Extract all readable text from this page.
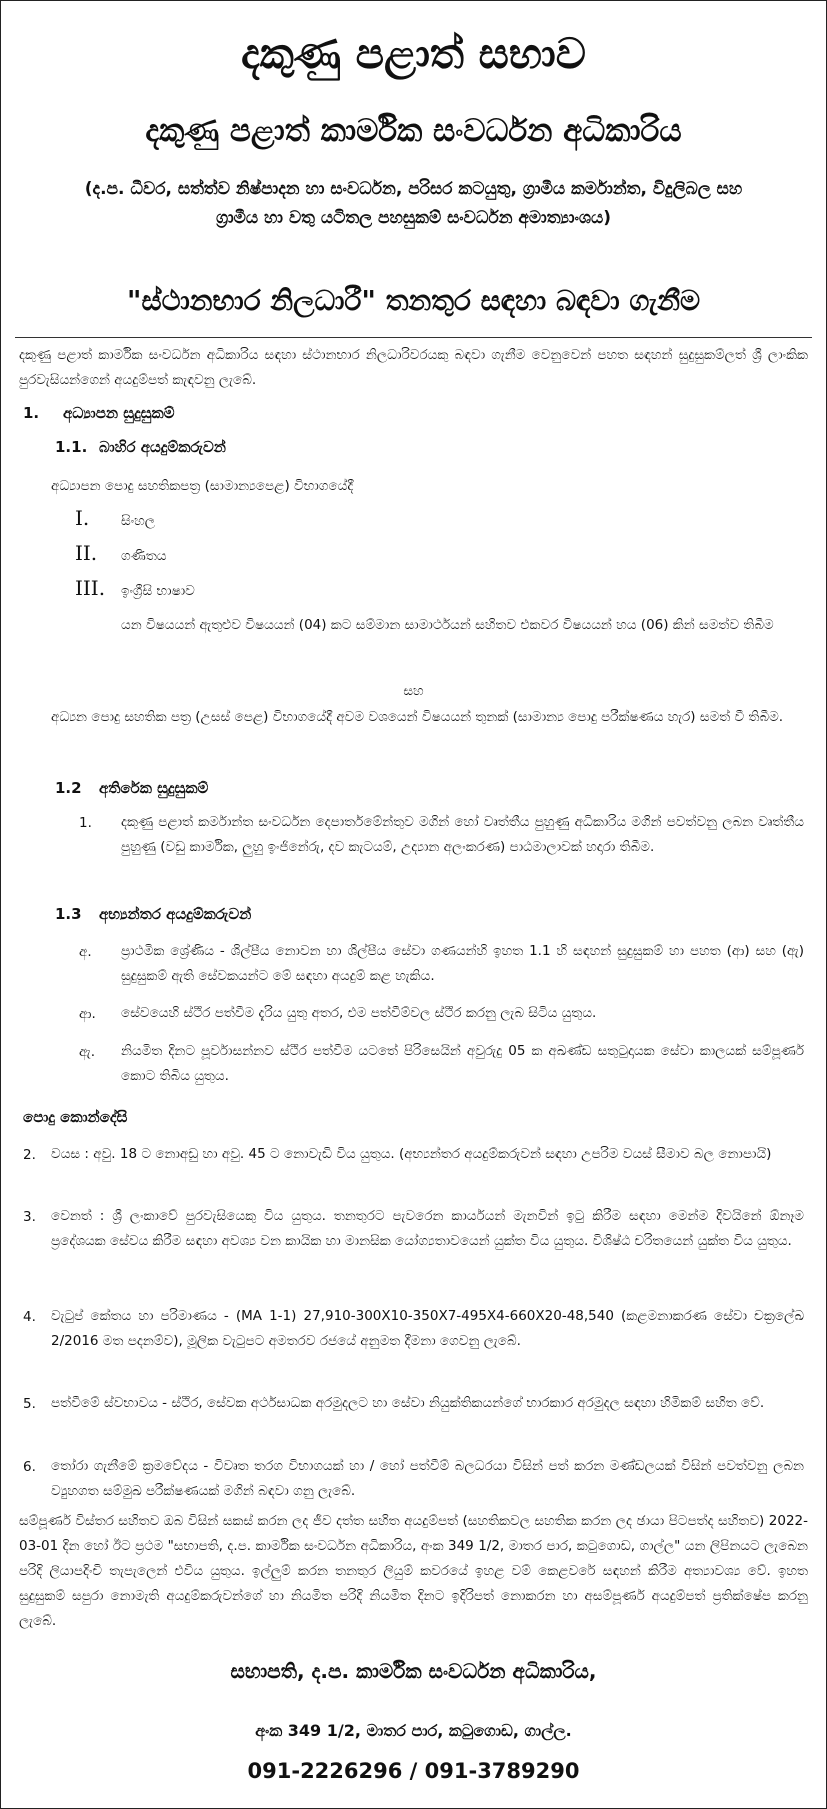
දකුණු පළාත් සභාව
දකුණු පළාත් කාර්මික සංවර්ධන අධිකාරිය
(ද.ප. ධීවර, සත්ත්ව නිෂ්පාදන හා සංවර්ධන, පරිසර කටයුතු, ග්‍රාමීය කර්මාන්ත, විදුලිබල සහ ග්‍රාමීය හා වතු යටිතල පහසුකම් සංවර්ධන අමාත්‍යාංශය)
"ස්ථානභාර නිලධාරී" තනතුර සඳහා බඳවා ගැනීම
දකුණු පළාත් කාර්මික සංවර්ධන අධිකාරිය සඳහා ස්ථානභාර නිලධාරිවරයකු බඳවා ගැනීම වෙනුවෙන් පහත සඳහන් සුදුසුකම්ලත් ශ්‍රී ලාංකික පුරවැසියන්ගෙන් අයදුම්පත් කැඳවනු ලැබේ.
1. අධ්‍යාපන සුදුසුකම්
1.1. බාහිර අයදුම්කරුවන්
අධ්‍යාපන පොදු සහතිකපත්‍ර (සාමාන්‍යපෙළ) විභාගයේදී
I. සිංහල
II. ගණිතය
III. ඉංග්‍රීසි භාෂාව
යන විෂයයන් ඇතුළුව විෂයයන් (04) කට සම්මාන සාමාර්ථයන් සහිතව එකවර විෂයයන් හය (06) කින් සමත්ව තිබීම
සහ
අධ්‍යන පොදු සහතික පත්‍ර (උසස් පෙළ) විභාගයේදී අවම වශයෙන් විෂයයන් තුනක් (සාමාන්‍ය පොදු පරීක්ෂණය හැර) සමත් වී තිබීම.
1.2 අතිරේක සුදුසුකම්
1. දකුණු පළාත් කර්මාන්ත සංවර්ධන දෙපාර්තමේන්තුව මගින් හෝ වෘත්තීය පුහුණු අධිකාරිය මගින් පවත්වනු ලබන වෘත්තීය පුහුණු (වඩු කාර්මික, ලුහු ඉංජිනේරු, දව කැටයම්, උද්‍යාන අලංකරණ) පාඨමාලාවක් හදාරා තිබීම.
1.3 අභ්‍යන්තර අයදුම්කරුවන්
අ. ප්‍රාථමික ශ්‍රේණිය - ශිල්පීය නොවන හා ශිල්පීය සේවා ගණයන්හි ඉහත 1.1 හි සඳහන් සුදුසුකම් හා පහත (ආ) සහ (ඇ) සුදුසුකම් ඇති සේවකයන්ට මේ සඳහා අයදුම් කළ හැකිය.
ආ. සේවයෙහි ස්ථිර පත්වීම දැරිය යුතු අතර, එම පත්වීම්වල ස්ථිර කරනු ලැබ සිටිය යුතුය.
ඇ. නියමිත දිනට පූර්වාසන්නව ස්ථිර පත්වීම යටතේ පිරිසෙයින් අවුරුදු 05 ක අඛණ්ඩ සතුටුදායක සේවා කාලයක් සම්පූර්ණ කොට තිබිය යුතුය.
පොදු කොන්දේසි
2. වයස : අවු. 18 ට නොඅඩු හා අවු. 45 ට නොවැඩි විය යුතුය. (අභ්‍යන්තර අයදුම්කරුවන් සඳහා උපරිම වයස් සීමාව බල නොපායි)
3. වෙනත් : ශ්‍රී ලංකාවේ පුරවැසියෙකු විය යුතුය. තනතුරට පැවරෙන කාර්යයන් මැනවින් ඉටු කිරීම සඳහා මෙන්ම දිවයිනේ ඕනෑම ප්‍රදේශයක සේවය කිරීම සඳහා අවශ්‍ය වන කායික හා මානසික යෝග්‍යතාවයෙන් යුක්ත විය යුතුය. විශිෂ්ඨ චරිතයෙන් යුක්ත විය යුතුය.
4. වැටුප් කේතය හා පරිමාණය - (MA 1-1) 27,910-300X10-350X7-495X4-660X20-48,540 (කළමනාකරණ සේවා චක්‍රලේඛ 2/2016 මත පදනම්ව), මූලික වැටුපට අමතරව රජයේ අනුමත දීමනා ගෙවනු ලැබේ.
5. පත්වීමේ ස්වභාවය - ස්ථිර, සේවක අර්ථසාධක අරමුදලට හා සේවා නියුක්තිකයන්ගේ භාරකාර අරමුදල සඳහා හිමිකම් සහිත වේ.
6. තෝරා ගැනීමේ ක්‍රමවේදය - විවෘත තරග විභාගයක් හා / හෝ පත්වීම් බලධරයා විසින් පත් කරන මණ්ඩලයක් විසින් පවත්වනු ලබන ව්‍යුහගත සම්මුඛ පරීක්ෂණයක් මගින් බඳවා ගනු ලැබේ.
සම්පූර්ණ විස්තර සහිතව ඔබ විසින් සකස් කරන ලද ජීව දත්ත සහිත අයදුම්පත් (සහතිකවල සහතික කරන ලද ඡායා පිටපත්ද සහිතව) 2022-03-01 දින හෝ ඊට ප්‍රථම "සභාපති, ද.ප. කාර්මික සංවර්ධන අධිකාරිය, අංක 349 1/2, මාතර පාර, කටුගොඩ, ගාල්ල" යන ලිපිනයට ලැබෙන පරිදි ලියාපදිංචි තැපැලෙන් එවිය යුතුය. ඉල්ලුම් කරන තනතුර ලියුම් කවරයේ ඉහළ වම් කෙළවරේ සඳහන් කිරීම අත්‍යාවශ්‍ය වේ. ඉහත සුදුසුකම් සපුරා නොමැති අයදුම්කරුවන්ගේ හා නියමිත පරිදි නියමිත දිනට ඉදිරිපත් නොකරන හා අසම්පූර්ණ අයදුම්පත් ප්‍රතික්ෂේප කරනු ලැබේ.
සභාපති, ද.ප. කාර්මික සංවර්ධන අධිකාරිය,
අංක 349 1/2, මාතර පාර, කටුගොඩ, ගාල්ල.
091-2226296 / 091-3789290
